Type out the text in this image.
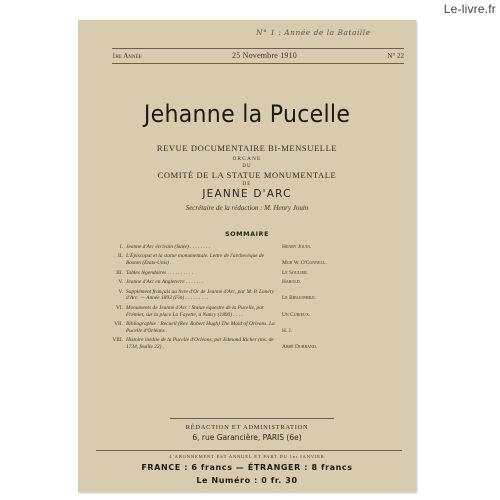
N° 1 : Année de la Bataille
1re Année	25 Novembre 1910	N° 22
Jehanne la Pucelle
REVUE DOCUMENTAIRE BI-MENSUELLE
ORGANE
DU
COMITÉ DE LA STATUE MONUMENTALE
DE
JEANNE D'ARC
Secrétaire de la rédaction : M. Henry Jouin
SOMMAIRE
I. Jeanne d'Arc écrivain (Suite) . . . . . . . .	Henry Jouin.
II. L'Épiscopat et la statue monumentale. Lettre de l'archevêque de Boston (Etats-Unis) .	Mgr W. O'Connell.
III. Tables légendaires . . . . . . . . . .	Le Soulier.
V. Jeanne d'Arc en Angleterre . . . . . . .	Harold.
V. Supplément français au livre d'Or de Jeanne d'Arc, par M. P. Lanéry d'Arc. — Année 1893 (Fin) . . . . . . . . .	Le Bibliophile.
VI. Monuments de Jeanne d'Arc : Statue équestre de la Pucelle, par Frémiet, sur la place La Fayette, à Nancy (1890) . . . .	Un Curieux.
VII. Bibliographie : Recueil (Rev. Robert Hugh) The Maid of Orleans. La Pucelle d'Orléans .	H. J.
VIII. Histoire inédite de la Pucelle d'Orléans, par Edmond Richer (ms. de 1734, feuille 22) .	Abbé Dubrand.
RÉDACTION ET ADMINISTRATION
6, rue Garancière, PARIS (6e)
L'ABONNEMENT EST ANNUEL ET PART DU 1er JANVIER
FRANCE : 6 francs — ÉTRANGER : 8 francs
Le Numéro : 0 fr. 30
Le-livre.fr
